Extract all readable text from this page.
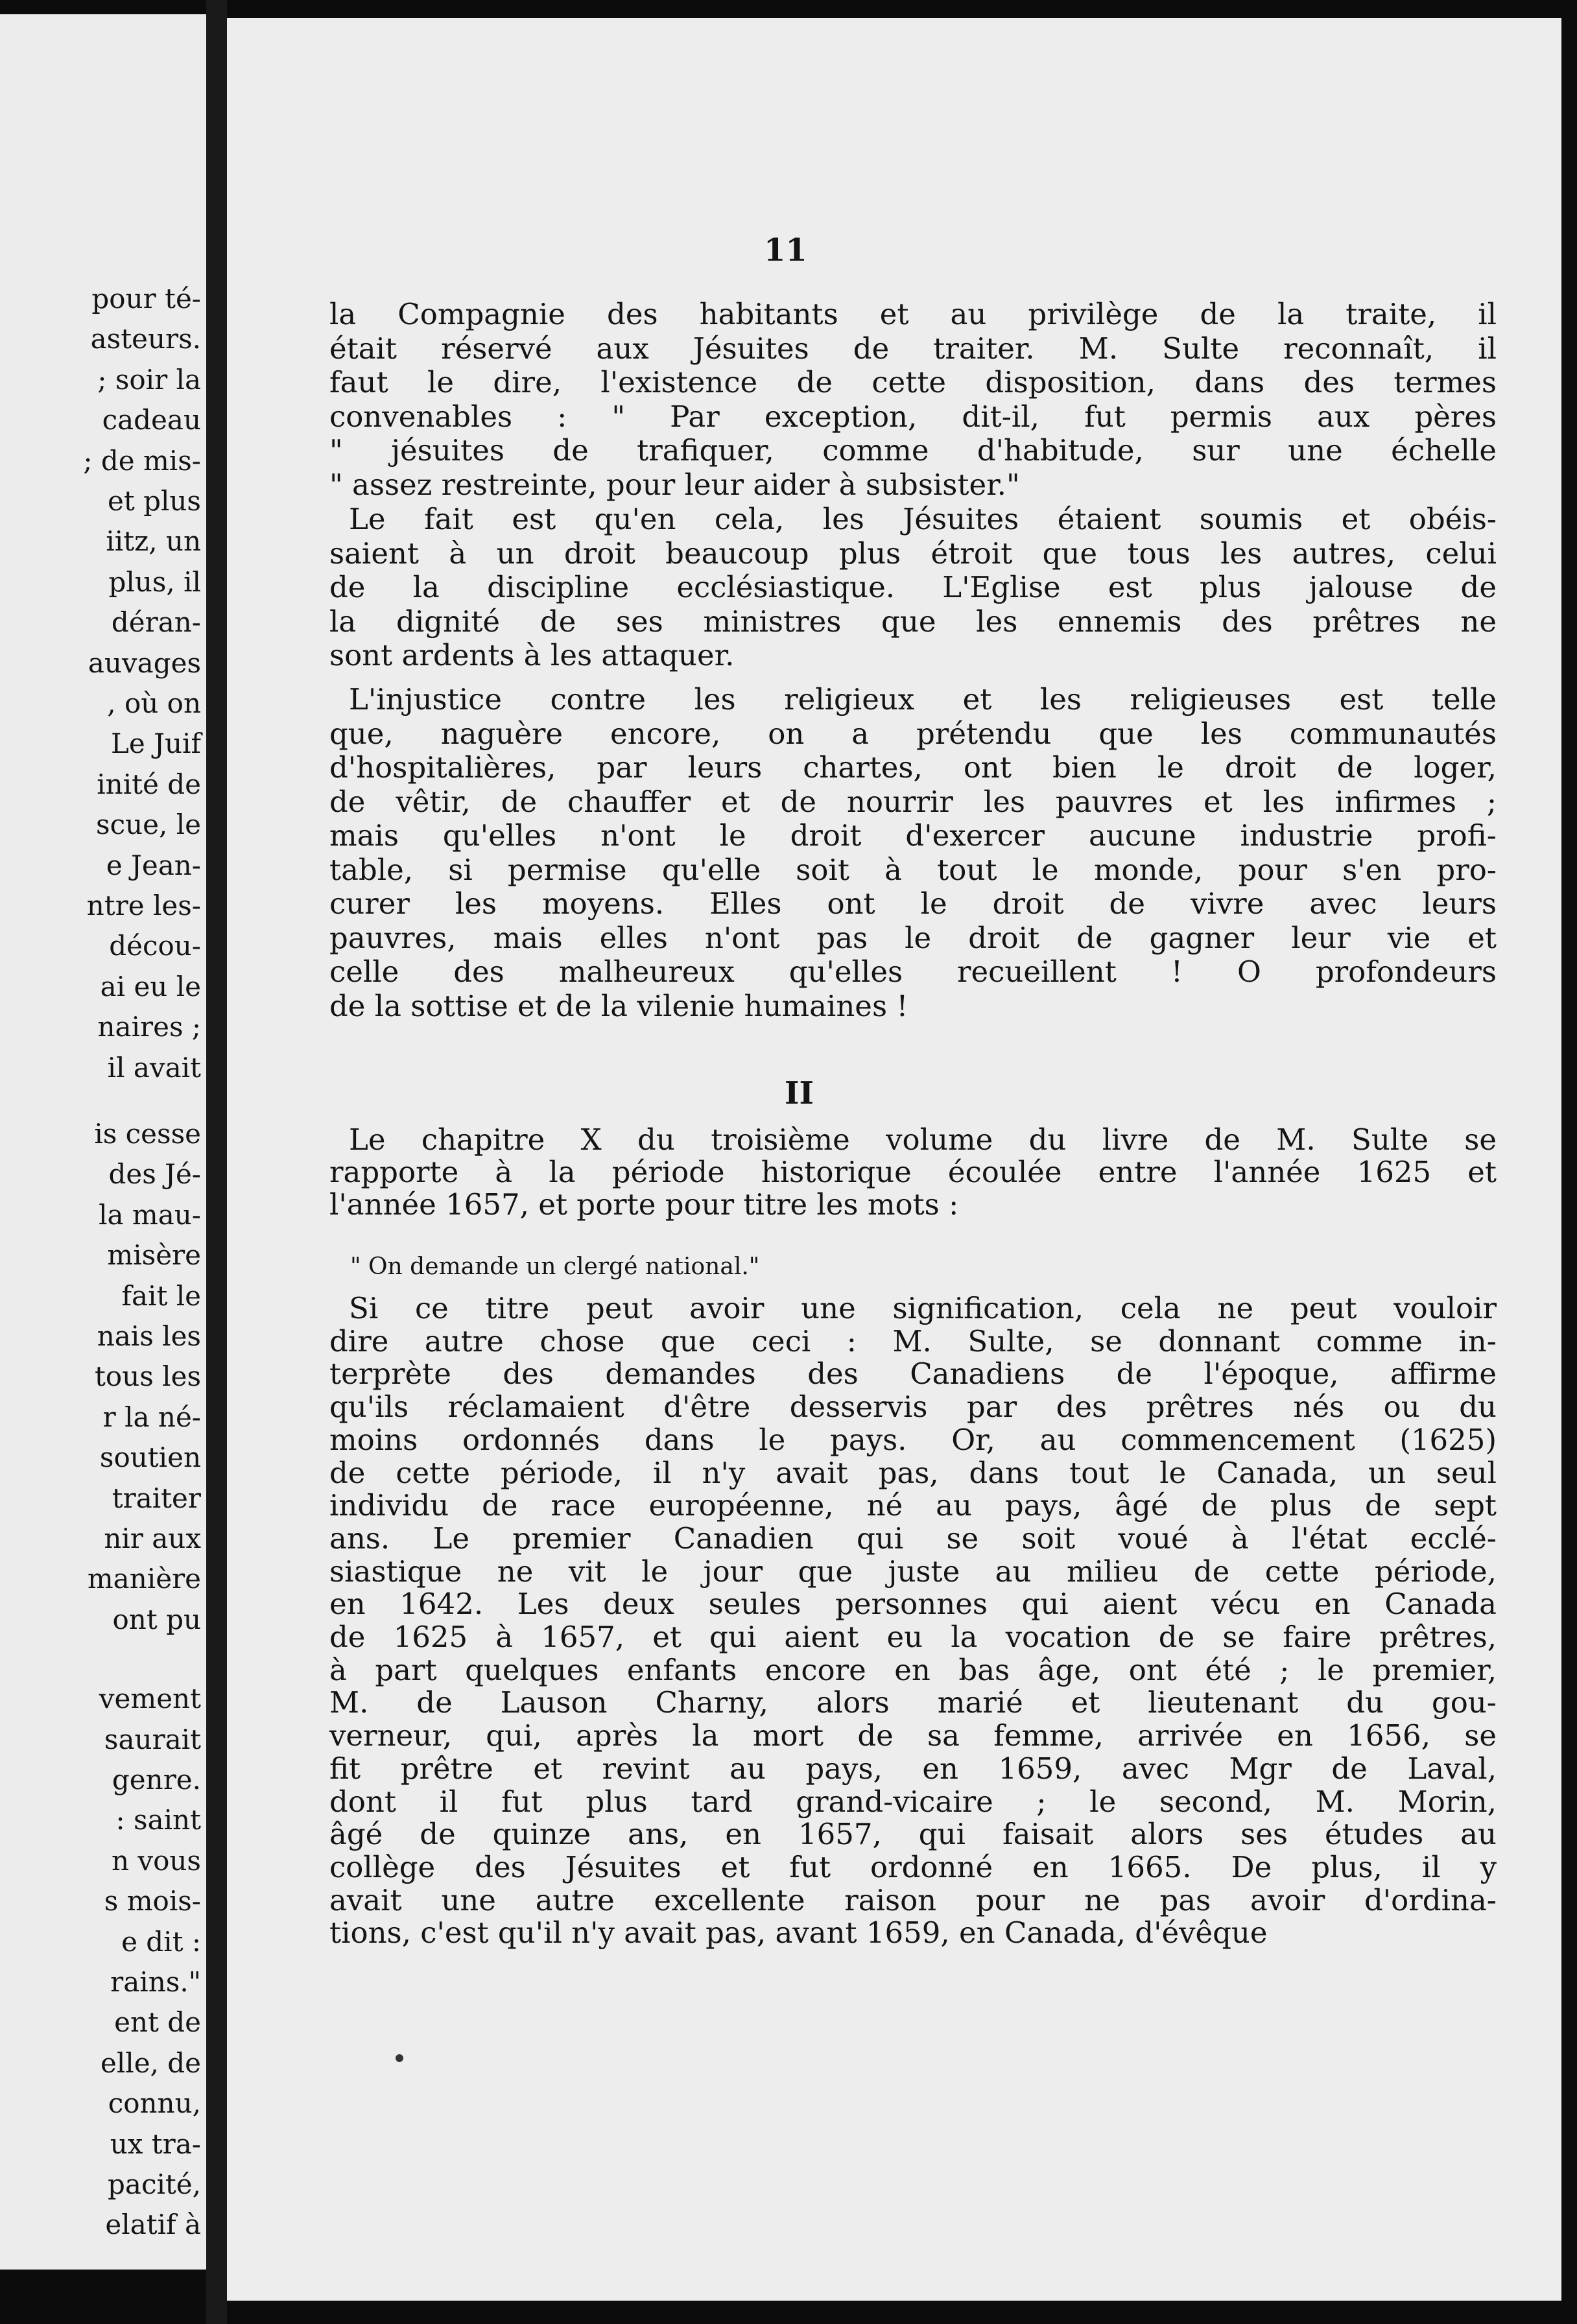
pour té-
asteurs.
; soir la
cadeau
; de mis-
et plus
iitz, un
plus, il
déran-
auvages
, où on
Le Juif
inité de
scue, le
e Jean-
ntre les-
décou-
ai eu le
naires ;
il avait
is cesse
des Jé-
la mau-
misère
fait le
nais les
tous les
r la né-
soutien
traiter
nir aux
manière
ont pu
vement
saurait
genre.
: saint
n vous
s mois-
e dit :
rains."
ent de
elle, de
connu,
ux tra-
pacité,
elatif à
11
II
la Compagnie des habitants et au privilège de la traite, il
était réservé aux Jésuites de traiter. M. Sulte reconnaît, il
faut le dire, l'existence de cette disposition, dans des termes
convenables : " Par exception, dit-il, fut permis aux pères
" jésuites de trafiquer, comme d'habitude, sur une échelle
" assez restreinte, pour leur aider à subsister."
Le fait est qu'en cela, les Jésuites étaient soumis et obéis-
saient à un droit beaucoup plus étroit que tous les autres, celui
de la discipline ecclésiastique. L'Eglise est plus jalouse de
la dignité de ses ministres que les ennemis des prêtres ne
sont ardents à les attaquer.
L'injustice contre les religieux et les religieuses est telle
que, naguère encore, on a prétendu que les communautés
d'hospitalières, par leurs chartes, ont bien le droit de loger,
de vêtir, de chauffer et de nourrir les pauvres et les infirmes ;
mais qu'elles n'ont le droit d'exercer aucune industrie profi-
table, si permise qu'elle soit à tout le monde, pour s'en pro-
curer les moyens. Elles ont le droit de vivre avec leurs
pauvres, mais elles n'ont pas le droit de gagner leur vie et
celle des malheureux qu'elles recueillent ! O profondeurs
de la sottise et de la vilenie humaines !
Le chapitre X du troisième volume du livre de M. Sulte se
rapporte à la période historique écoulée entre l'année 1625 et
l'année 1657, et porte pour titre les mots :
Si ce titre peut avoir une signification, cela ne peut vouloir
dire autre chose que ceci : M. Sulte, se donnant comme in-
terprète des demandes des Canadiens de l'époque, affirme
qu'ils réclamaient d'être desservis par des prêtres nés ou du
moins ordonnés dans le pays. Or, au commencement (1625)
de cette période, il n'y avait pas, dans tout le Canada, un seul
individu de race européenne, né au pays, âgé de plus de sept
ans. Le premier Canadien qui se soit voué à l'état ecclé-
siastique ne vit le jour que juste au milieu de cette période,
en 1642. Les deux seules personnes qui aient vécu en Canada
de 1625 à 1657, et qui aient eu la vocation de se faire prêtres,
à part quelques enfants encore en bas âge, ont été ; le premier,
M. de Lauson Charny, alors marié et lieutenant du gou-
verneur, qui, après la mort de sa femme, arrivée en 1656, se
fit prêtre et revint au pays, en 1659, avec Mgr de Laval,
dont il fut plus tard grand-vicaire ; le second, M. Morin,
âgé de quinze ans, en 1657, qui faisait alors ses études au
collège des Jésuites et fut ordonné en 1665. De plus, il y
avait une autre excellente raison pour ne pas avoir d'ordina-
tions, c'est qu'il n'y avait pas, avant 1659, en Canada, d'évêque
" On demande un clergé national."
